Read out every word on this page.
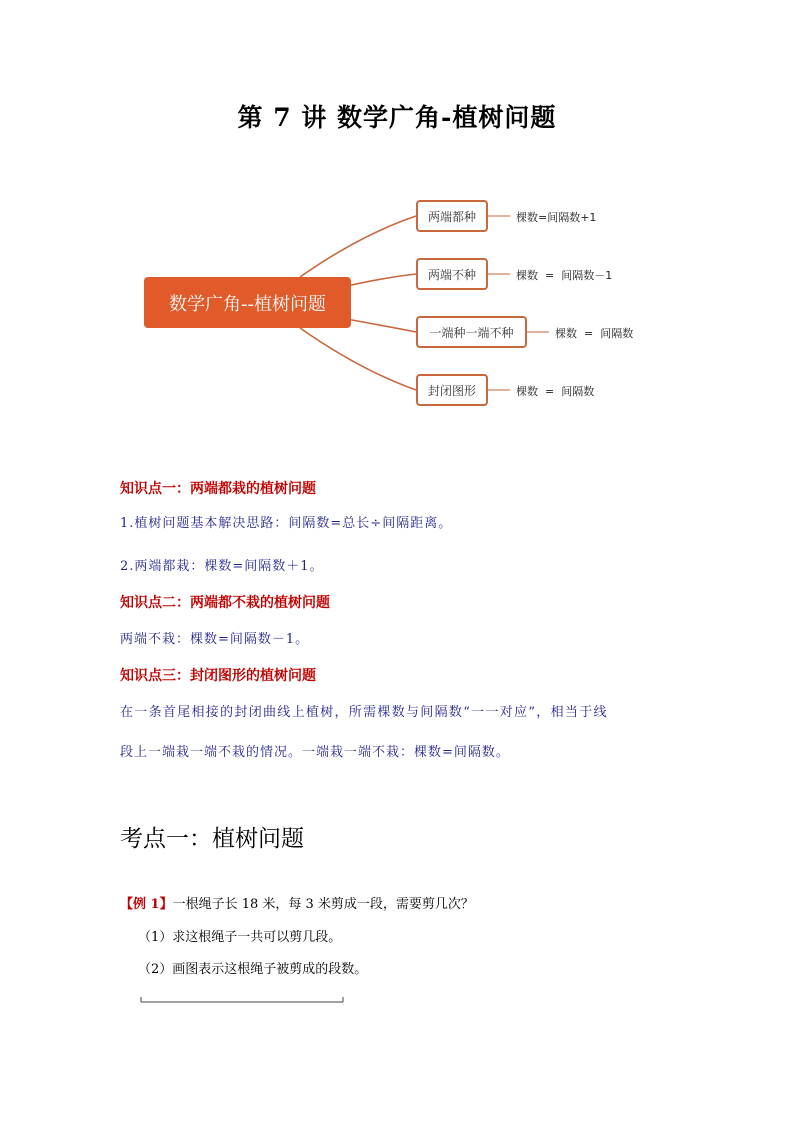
第 7 讲 数学广角-植树问题
数学广角--植树问题
两端都种
两端不种
一端种一端不种
封闭图形
棵数=间隔数+1
棵数  =  间隔数－1
棵数  =  间隔数
棵数  =  间隔数
知识点一：两端都栽的植树问题
1.植树问题基本解决思路：间隔数=总长÷间隔距离。
2.两端都栽：棵数=间隔数＋1。
知识点二：两端都不栽的植树问题
两端不栽：棵数=间隔数－1。
知识点三：封闭图形的植树问题
在一条首尾相接的封闭曲线上植树，所需棵数与间隔数“一一对应”，相当于线
段上一端栽一端不栽的情况。一端栽一端不栽：棵数=间隔数。
考点一：植树问题
【例 1】一根绳子长 18 米，每 3 米剪成一段，需要剪几次？
（1）求这根绳子一共可以剪几段。
（2）画图表示这根绳子被剪成的段数。
